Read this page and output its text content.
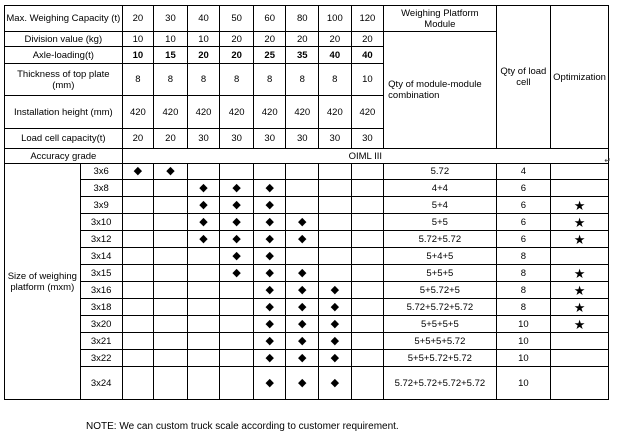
Max. Weighing Capacity (t)		20	30	40	50	60	80	100	120	Weighing Platform Module	Qty of load cell	Optimization
Division value (kg)		10	10	10	20	20	20	20	20	Qty of module-module combination		
Axle-loading(t)		10	15	20	20	25	35	40	40			
Thickness of top plate (mm)		8	8	8	8	8	8	8	10			
Installation height (mm)		420	420	420	420	420	420	420	420			
Load cell capacity(t)		20	20	30	30	30	30	30	30			
Accuracy grade		OIML III										
Size of weighing platform (mxm)	3x6	◆	◆							5.72	4	
	3x8			◆	◆	◆				4+4	6	
	3x9			◆	◆	◆				5+4	6	★
	3x10			◆	◆	◆	◆			5+5	6	★
	3x12			◆	◆	◆	◆			5.72+5.72	6	★
	3x14				◆	◆				5+4+5	8	
	3x15				◆	◆	◆			5+5+5	8	★
	3x16					◆	◆	◆		5+5.72+5	8	★
	3x18					◆	◆	◆		5.72+5.72+5.72	8	★
	3x20					◆	◆	◆		5+5+5+5	10	★
	3x21					◆	◆	◆		5+5+5+5.72	10	
	3x22					◆	◆	◆		5+5+5.72+5.72	10	
	3x24					◆	◆	◆		5.72+5.72+5.72+5.72	10	
NOTE: We can custom truck scale according to customer requirement.
↵
